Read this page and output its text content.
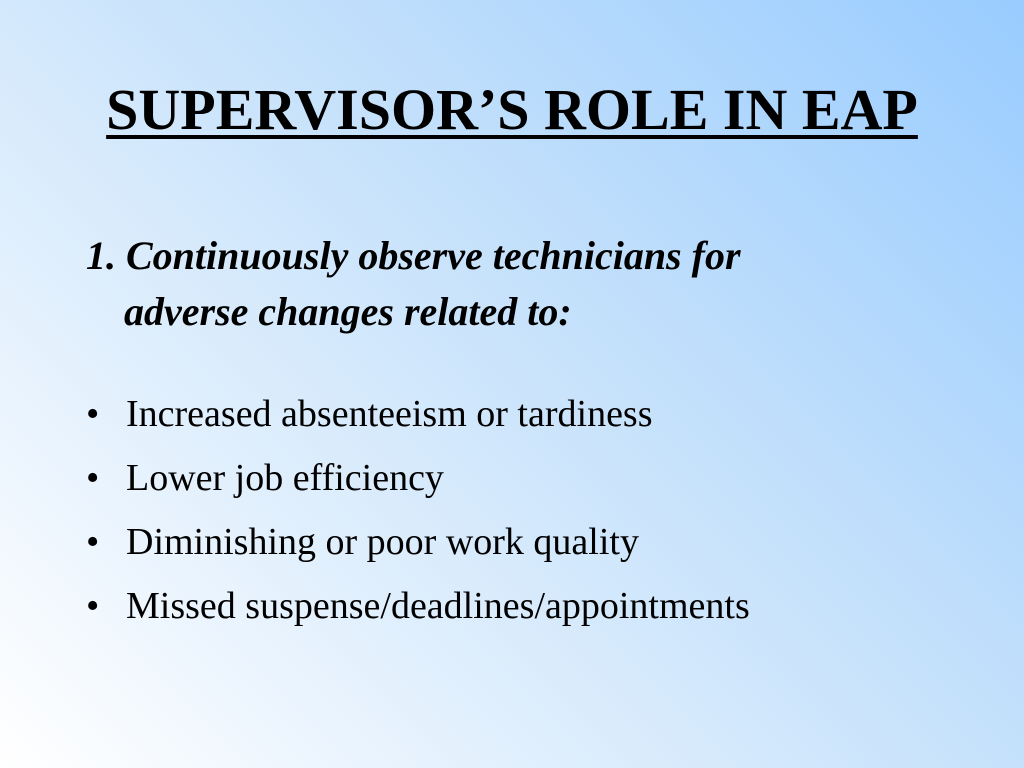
SUPERVISOR’S ROLE IN EAP
1. Continuously observe technicians for
adverse changes related to:
• Increased absenteeism or tardiness
• Lower job efficiency
• Diminishing or poor work quality
• Missed suspense/deadlines/appointments
